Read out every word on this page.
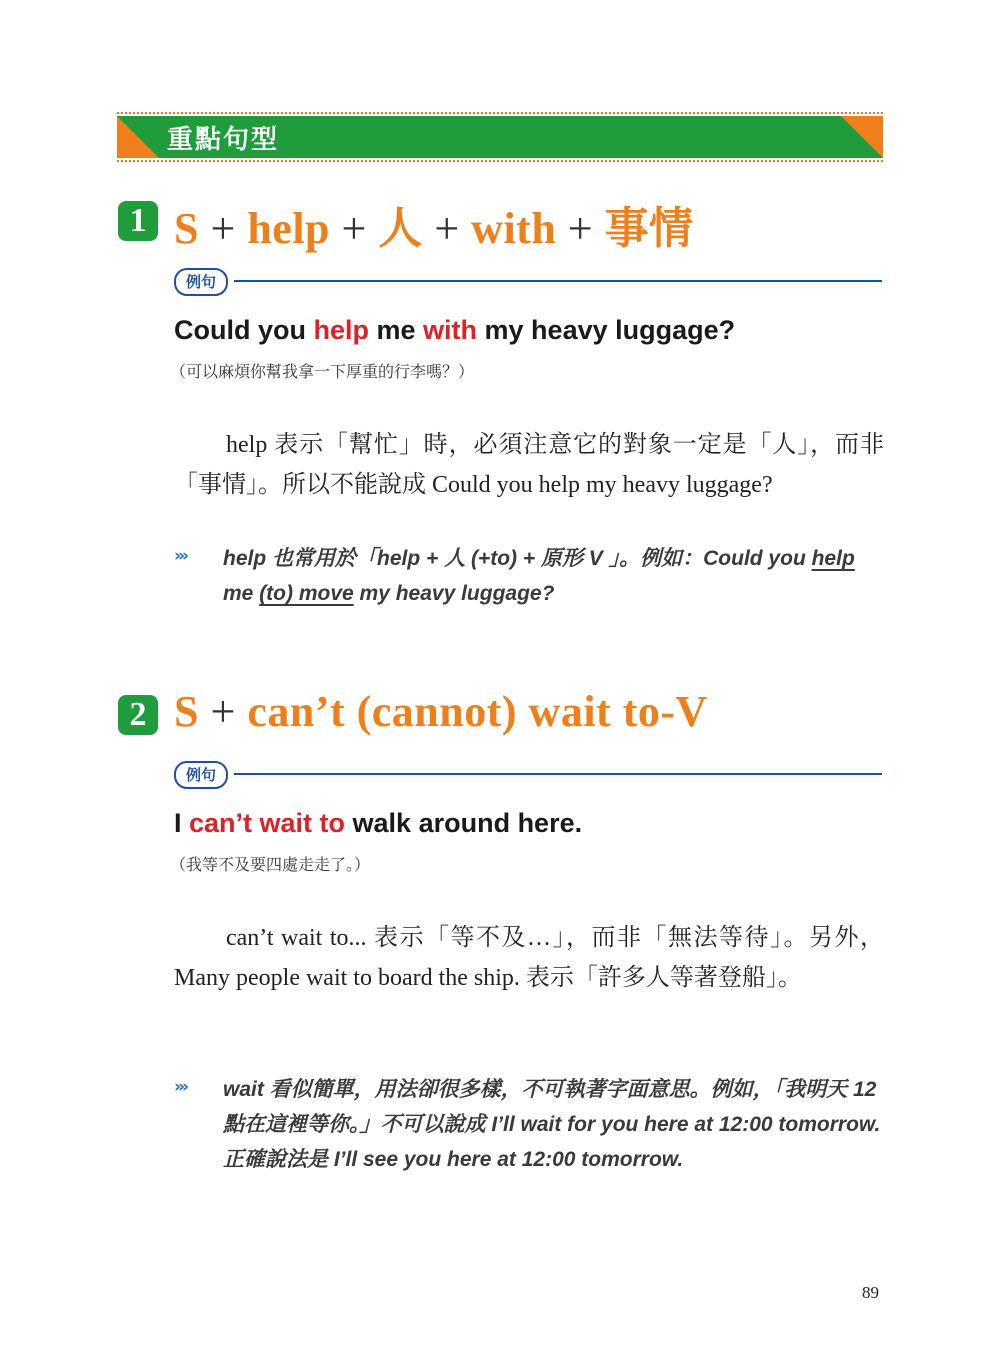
重點句型
1 S + help + 人 + with + 事情
例句
Could you help me with my heavy luggage?
（可以麻煩你幫我拿一下厚重的行李嗎？）
help 表示「幫忙」時，必須注意它的對象一定是「人」，而非「事情」。所以不能說成 Could you help my heavy luggage?
››› help 也常用於「help + 人 (+to) + 原形 V 」。例如：Could you help me (to) move my heavy luggage?
2 S + can’t (cannot) wait to-V
例句
I can’t wait to walk around here.
（我等不及要四處走走了。）
can’t wait to... 表示「等不及…」，而非「無法等待」。另外，Many people wait to board the ship. 表示「許多人等著登船」。
››› wait 看似簡單，用法卻很多樣，不可執著字面意思。例如，「我明天 12 點在這裡等你。」不可以說成 I’ll wait for you here at 12:00 tomorrow. 正確說法是 I’ll see you here at 12:00 tomorrow.
89
